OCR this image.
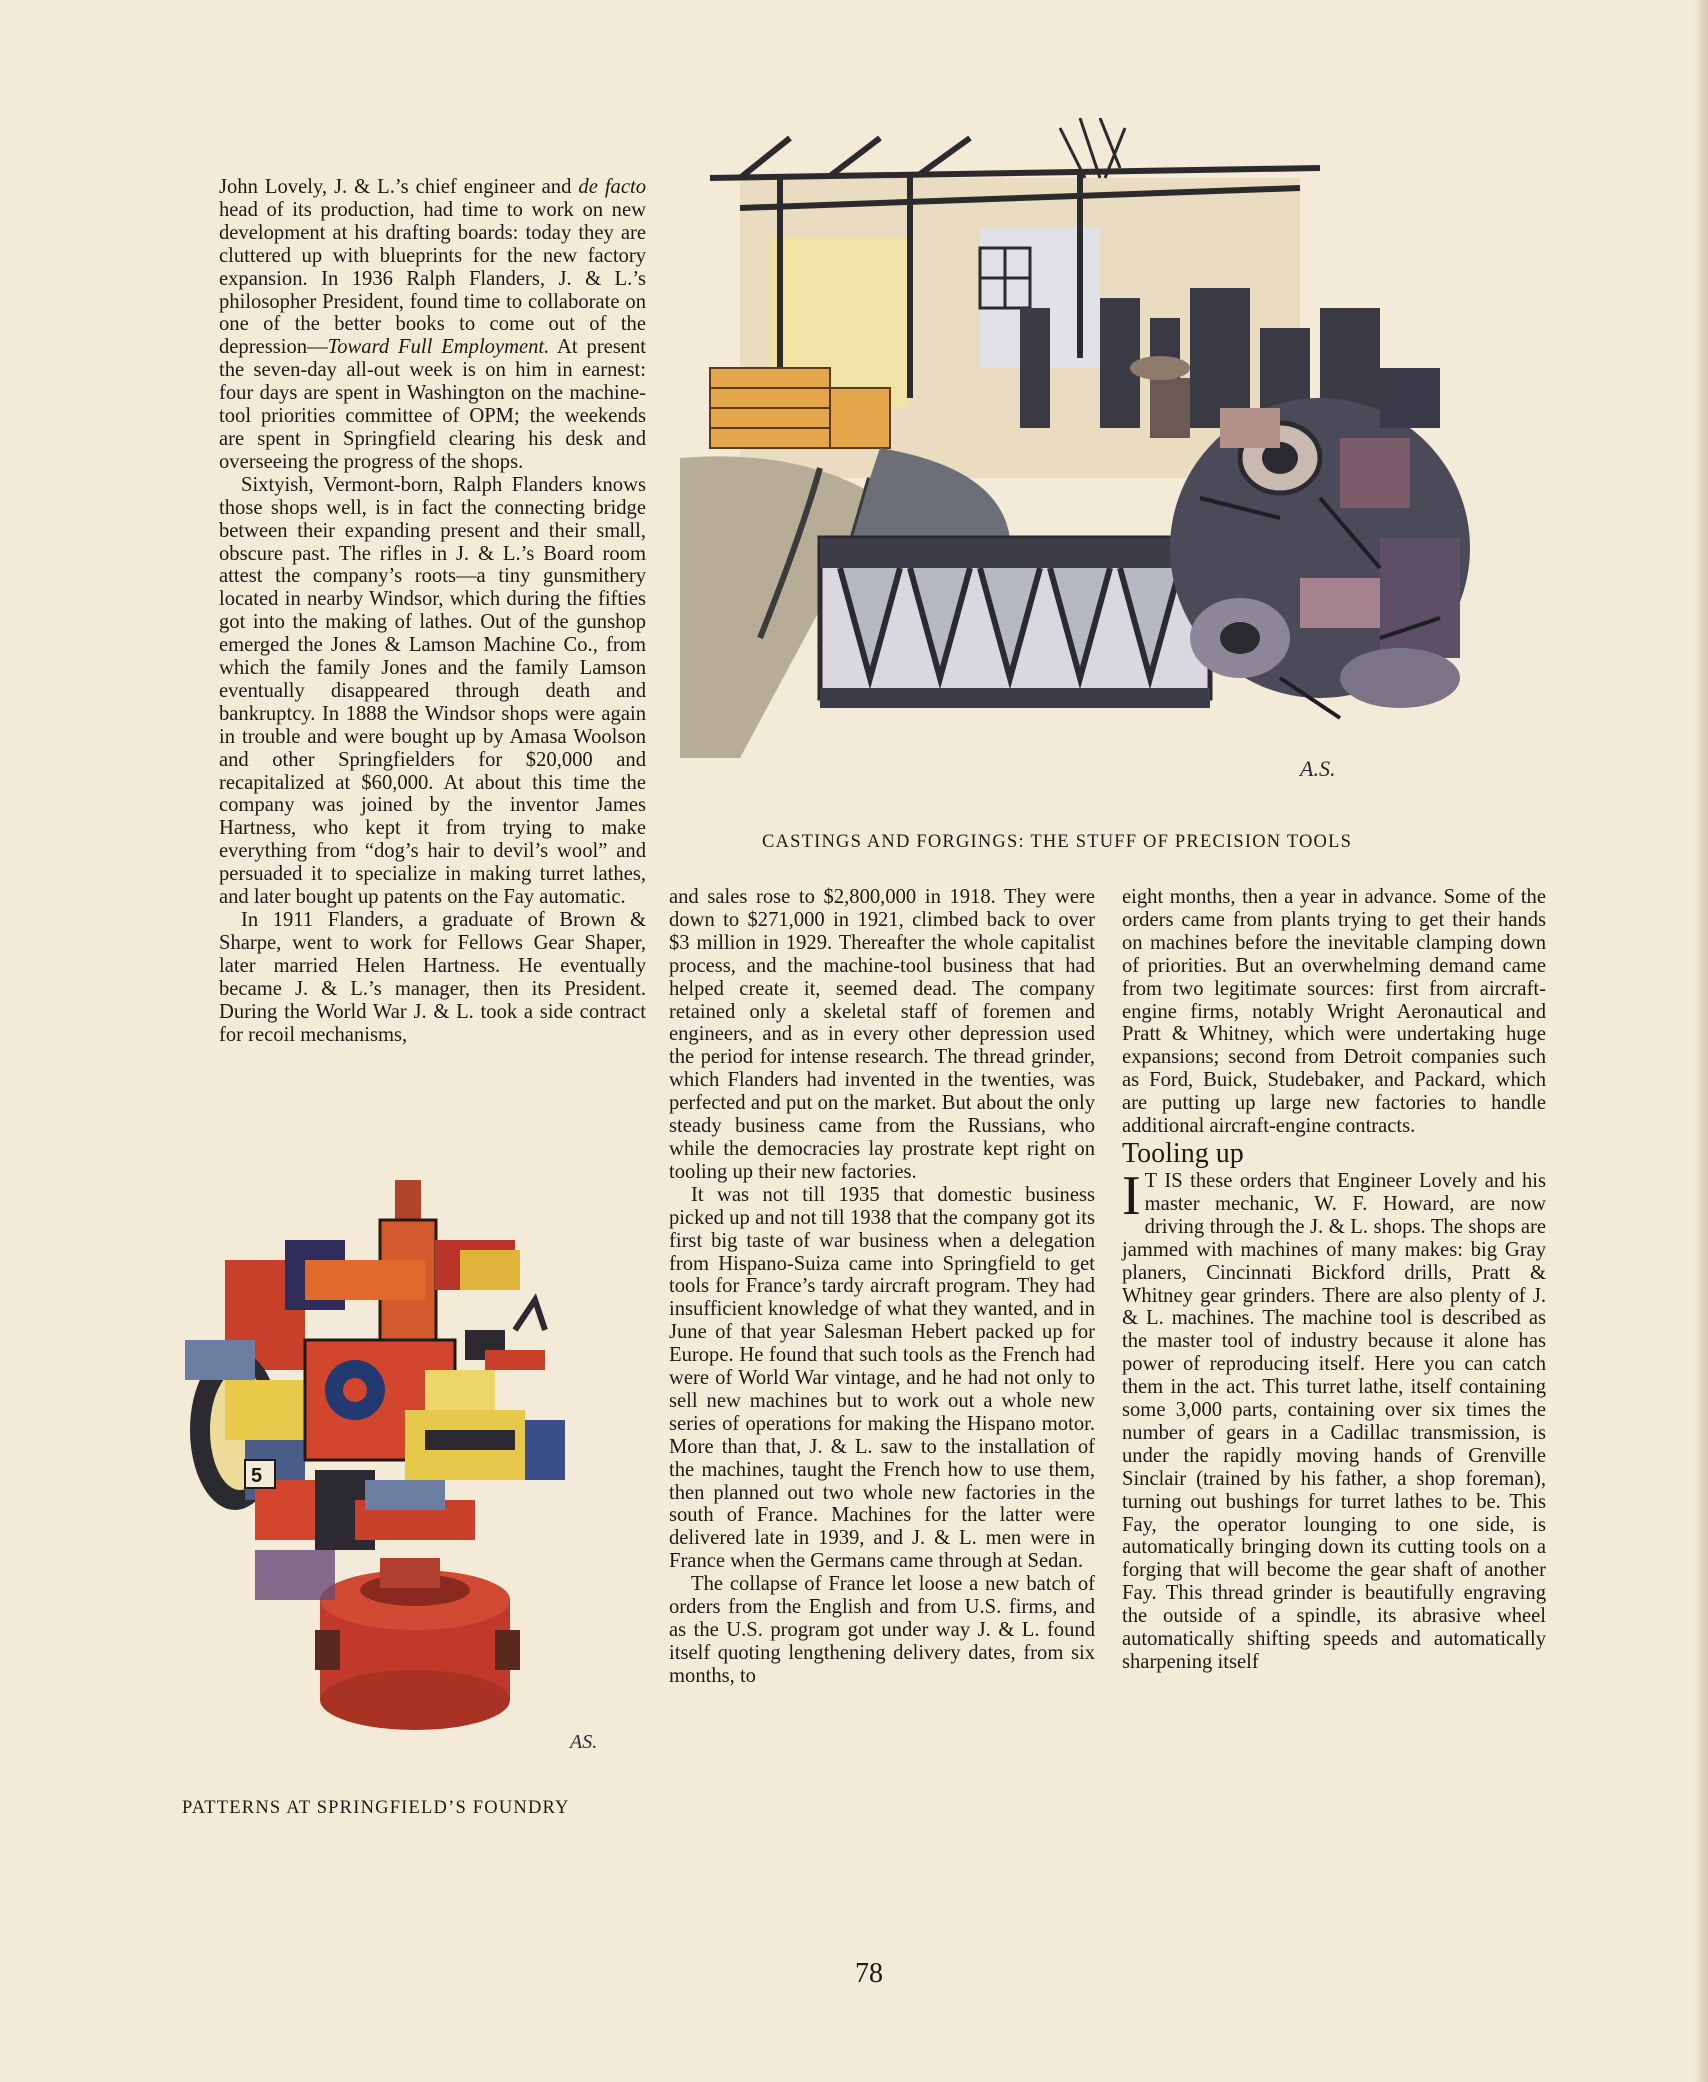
A.S.
CASTINGS AND FORGINGS: THE STUFF OF PRECISION TOOLS
5
AS.
PATTERNS AT SPRINGFIELD’S FOUNDRY

John Lovely, J. & L.’s chief engineer and de facto head of its production, had time to work on new development at his drafting boards: today they are cluttered up with blueprints for the new factory expansion. In 1936 Ralph Flanders, J. & L.’s philosopher President, found time to collaborate on one of the better books to come out of the depression—Toward Full Employment. At present the seven-day all-out week is on him in earnest: four days are spent in Washington on the machine-tool priorities committee of OPM; the weekends are spent in Springfield clearing his desk and overseeing the progress of the shops.

Sixtyish, Vermont-born, Ralph Flanders knows those shops well, is in fact the connecting bridge between their expanding present and their small, obscure past. The rifles in J. & L.’s Board room attest the company’s roots—a tiny gunsmithery located in nearby Windsor, which during the fifties got into the making of lathes. Out of the gunshop emerged the Jones & Lamson Machine Co., from which the family Jones and the family Lamson eventually disappeared through death and bankruptcy. In 1888 the Windsor shops were again in trouble and were bought up by Amasa Woolson and other Springfielders for $20,000 and recapitalized at $60,000. At about this time the company was joined by the inventor James Hartness, who kept it from trying to make everything from “dog’s hair to devil’s wool” and persuaded it to specialize in making turret lathes, and later bought up patents on the Fay automatic.

In 1911 Flanders, a graduate of Brown & Sharpe, went to work for Fellows Gear Shaper, later married Helen Hartness. He eventually became J. & L.’s manager, then its President. During the World War J. & L. took a side contract for recoil mechanisms,

and sales rose to $2,800,000 in 1918. They were down to $271,000 in 1921, climbed back to over $3 million in 1929. Thereafter the whole capitalist process, and the machine-tool business that had helped create it, seemed dead. The company retained only a skeletal staff of foremen and engineers, and as in every other depression used the period for intense research. The thread grinder, which Flanders had invented in the twenties, was perfected and put on the market. But about the only steady business came from the Russians, who while the democracies lay prostrate kept right on tooling up their new factories.

It was not till 1935 that domestic business picked up and not till 1938 that the company got its first big taste of war business when a delegation from Hispano-Suiza came into Springfield to get tools for France’s tardy aircraft program. They had insufficient knowledge of what they wanted, and in June of that year Salesman Hebert packed up for Europe. He found that such tools as the French had were of World War vintage, and he had not only to sell new machines but to work out a whole new series of operations for making the Hispano motor. More than that, J. & L. saw to the installation of the machines, taught the French how to use them, then planned out two whole new factories in the south of France. Machines for the latter were delivered late in 1939, and J. & L. men were in France when the Germans came through at Sedan.

The collapse of France let loose a new batch of orders from the English and from U.S. firms, and as the U.S. program got under way J. & L. found itself quoting lengthening delivery dates, from six months, to

eight months, then a year in advance. Some of the orders came from plants trying to get their hands on machines before the inevitable clamping down of priorities. But an overwhelming demand came from two legitimate sources: first from aircraft-engine firms, notably Wright Aeronautical and Pratt & Whitney, which were undertaking huge expansions; second from Detroit companies such as Ford, Buick, Studebaker, and Packard, which are putting up large new factories to handle additional aircraft-engine contracts.

Tooling up

I T IS these orders that Engineer Lovely and his master mechanic, W. F. Howard, are now driving through the J. & L. shops. The shops are jammed with machines of many makes: big Gray planers, Cincinnati Bickford drills, Pratt & Whitney gear grinders. There are also plenty of J. & L. machines. The machine tool is described as the master tool of industry because it alone has power of reproducing itself. Here you can catch them in the act. This turret lathe, itself containing some 3,000 parts, containing over six times the number of gears in a Cadillac transmission, is under the rapidly moving hands of Grenville Sinclair (trained by his father, a shop foreman), turning out bushings for turret lathes to be. This Fay, the operator lounging to one side, is automatically bringing down its cutting tools on a forging that will become the gear shaft of another Fay. This thread grinder is beautifully engraving the outside of a spindle, its abrasive wheel automatically shifting speeds and automatically sharpening itself

78
